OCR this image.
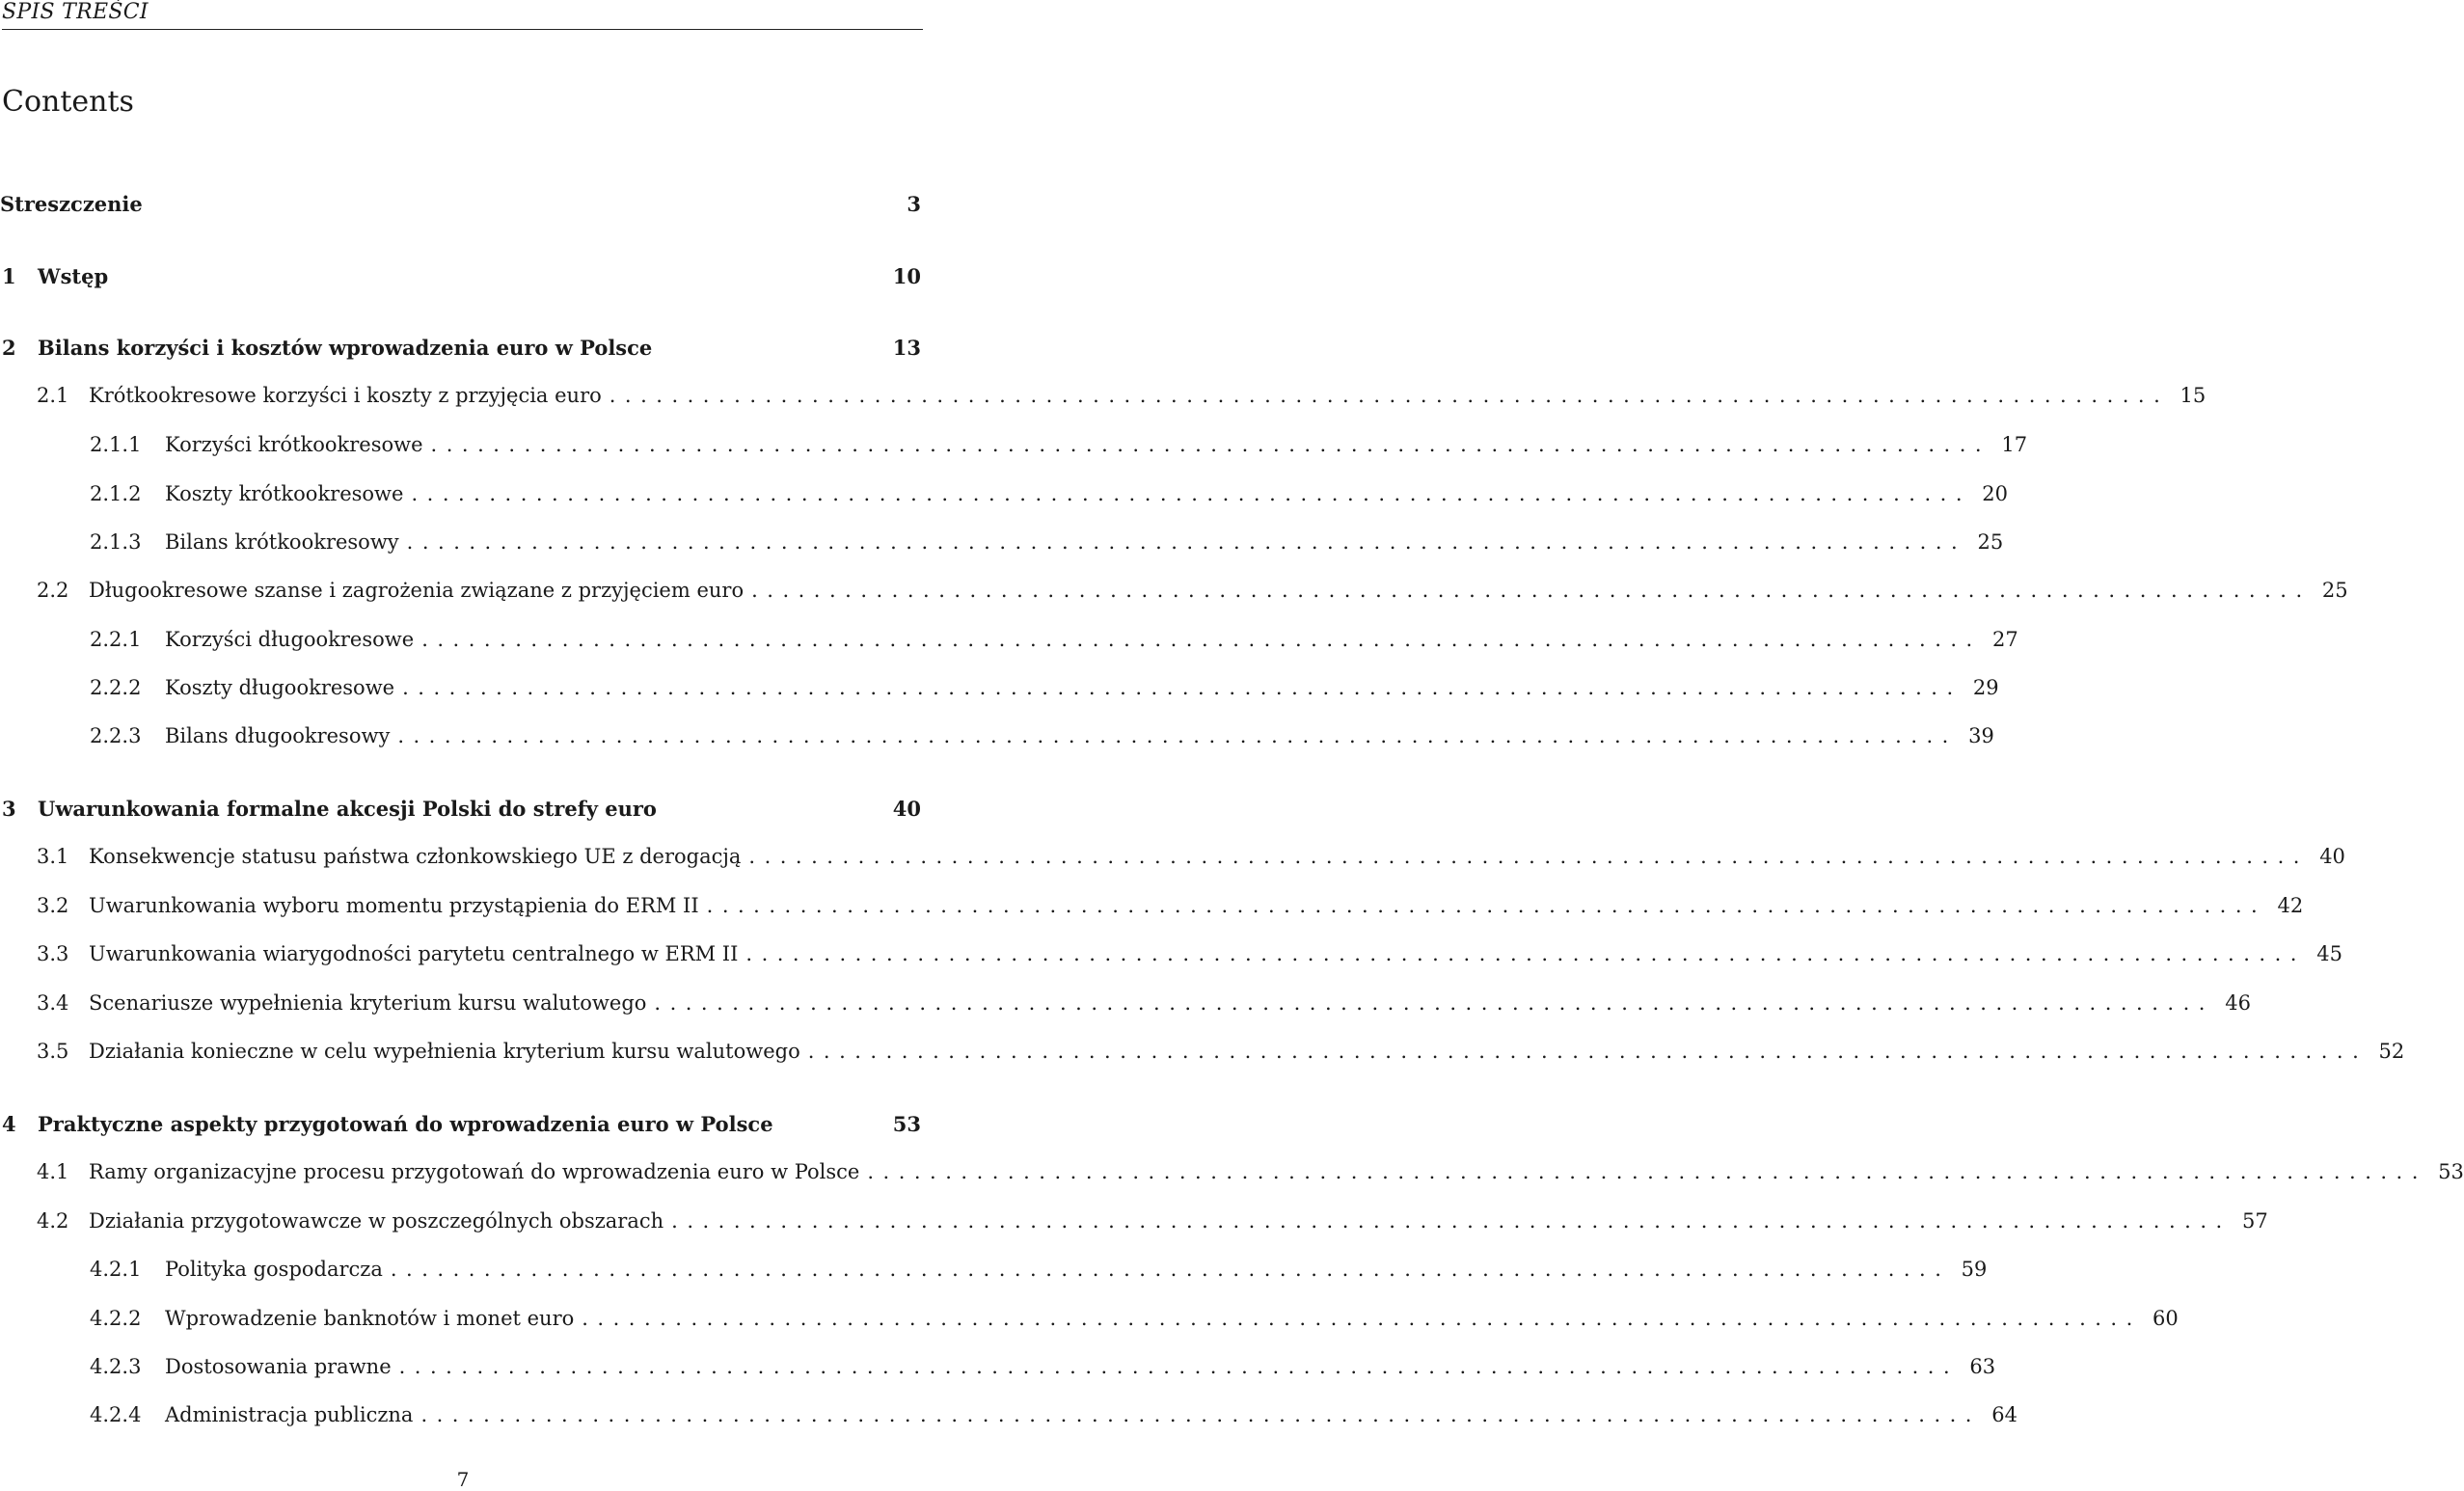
SPIS TREŚCI
Contents
Streszczenie	3
1	Wstęp	10
2	Bilans korzyści i kosztów wprowadzenia euro w Polsce	13
2.1 Krótkookresowe korzyści i koszty z przyjęcia euro .................................................................................................... 15
2.1.1	Korzyści krótkookresowe .................................................................................................... 17
2.1.2	Koszty krótkookresowe .................................................................................................... 20
2.1.3	Bilans krótkookresowy .................................................................................................... 25
2.2 Długookresowe szanse i zagrożenia związane z przyjęciem euro .................................................................................................... 25
2.2.1	Korzyści długookresowe .................................................................................................... 27
2.2.2	Koszty długookresowe .................................................................................................... 29
2.2.3	Bilans długookresowy .................................................................................................... 39
3	Uwarunkowania formalne akcesji Polski do strefy euro	40
3.1 Konsekwencje statusu państwa członkowskiego UE z derogacją .................................................................................................... 40
3.2 Uwarunkowania wyboru momentu przystąpienia do ERM II .................................................................................................... 42
3.3 Uwarunkowania wiarygodności parytetu centralnego w ERM II .................................................................................................... 45
3.4 Scenariusze wypełnienia kryterium kursu walutowego .................................................................................................... 46
3.5 Działania konieczne w celu wypełnienia kryterium kursu walutowego .................................................................................................... 52
4	Praktyczne aspekty przygotowań do wprowadzenia euro w Polsce	53
4.1 Ramy organizacyjne procesu przygotowań do wprowadzenia euro w Polsce .................................................................................................... 53
4.2 Działania przygotowawcze w poszczególnych obszarach .................................................................................................... 57
4.2.1	Polityka gospodarcza .................................................................................................... 59
4.2.2	Wprowadzenie banknotów i monet euro .................................................................................................... 60
4.2.3	Dostosowania prawne .................................................................................................... 63
4.2.4	Administracja publiczna .................................................................................................... 64
7
